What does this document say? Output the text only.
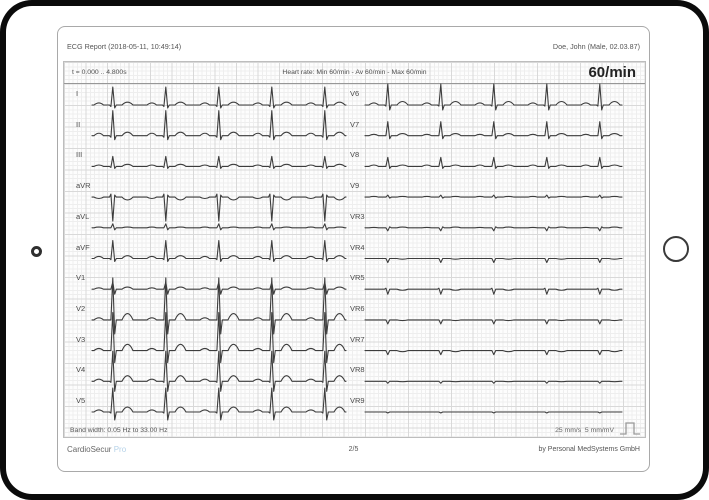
ECG Report (2018-05-11, 10:49:14)	Doe, John (Male, 02.03.87)
t = 0.000 .. 4.800s	Heart rate: Min 60/min - Av 60/min - Max 60/min	60/min
I
II
III
aVR
aVL
aVF
V1
V2
V3
V4
V5
V6
V7
V8
V9
VR3
VR4
VR5
VR6
VR7
VR8
VR9
Band width: 0.05 Hz to 33.00 Hz	25 mm/s  5 mm/mV
CardioSecur Pro	2/5	by Personal MedSystems GmbH
